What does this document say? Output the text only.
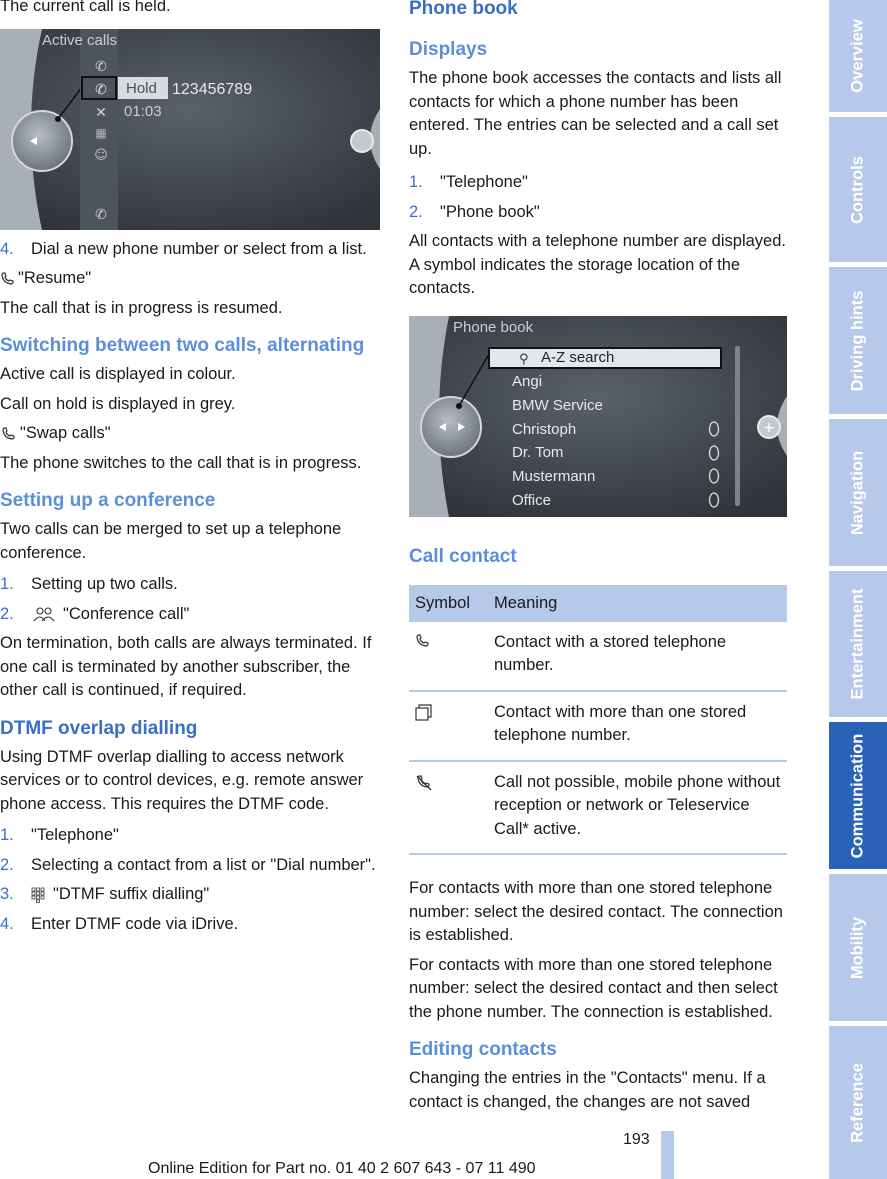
The current call is held.

✆
✆
✕
▦
☺
✆
Active calls
Hold 123456789
01:03
4. Dial a new phone number or select from a list.

"Resume"

The call that is in progress is resumed.

Switching between two calls, alternating

Active call is displayed in colour.

Call on hold is displayed in grey.

"Swap calls"

The phone switches to the call that is in progress.

Setting up a conference

Two calls can be merged to set up a telephone conference.

1. Setting up two calls.
2.	"Conference call"

On termination, both calls are always terminated. If one call is terminated by another subscriber, the other call is continued, if required.

DTMF overlap dialling

Using DTMF overlap dialling to access network services or to control devices, e.g. remote answer phone access. This requires the DTMF code.

1. "Telephone"
2. Selecting a contact from a list or "Dial number".
3. "DTMF suffix dialling"
4. Enter DTMF code via iDrive.
Phone book
Displays

The phone book accesses the contacts and lists all contacts for which a phone number has been entered. The entries can be selected and a call set up.

1. "Telephone"
2. "Phone book"

All contacts with a telephone number are displayed. A symbol indicates the storage location of the contacts.

⚲
+
Phone book
A-Z search
Angi
BMW Service
Christoph
Dr. Tom
Mustermann
Office
Call contact
Symbol	Meaning
	Contact with a stored telephone number.
	Contact with more than one stored telephone number.
	Call not possible, mobile phone without reception or network or Teleservice Call* active.

For contacts with more than one stored telephone number: select the desired contact. The connection is established.

For contacts with more than one stored telephone number: select the desired contact and then select the phone number. The connection is established.

Editing contacts

Changing the entries in the "Contacts" menu. If a contact is changed, the changes are not saved

Overview
Controls
Driving hints
Navigation
Entertainment
Communication
Mobility
Reference
193
Online Edition for Part no. 01 40 2 607 643 - 07 11 490
